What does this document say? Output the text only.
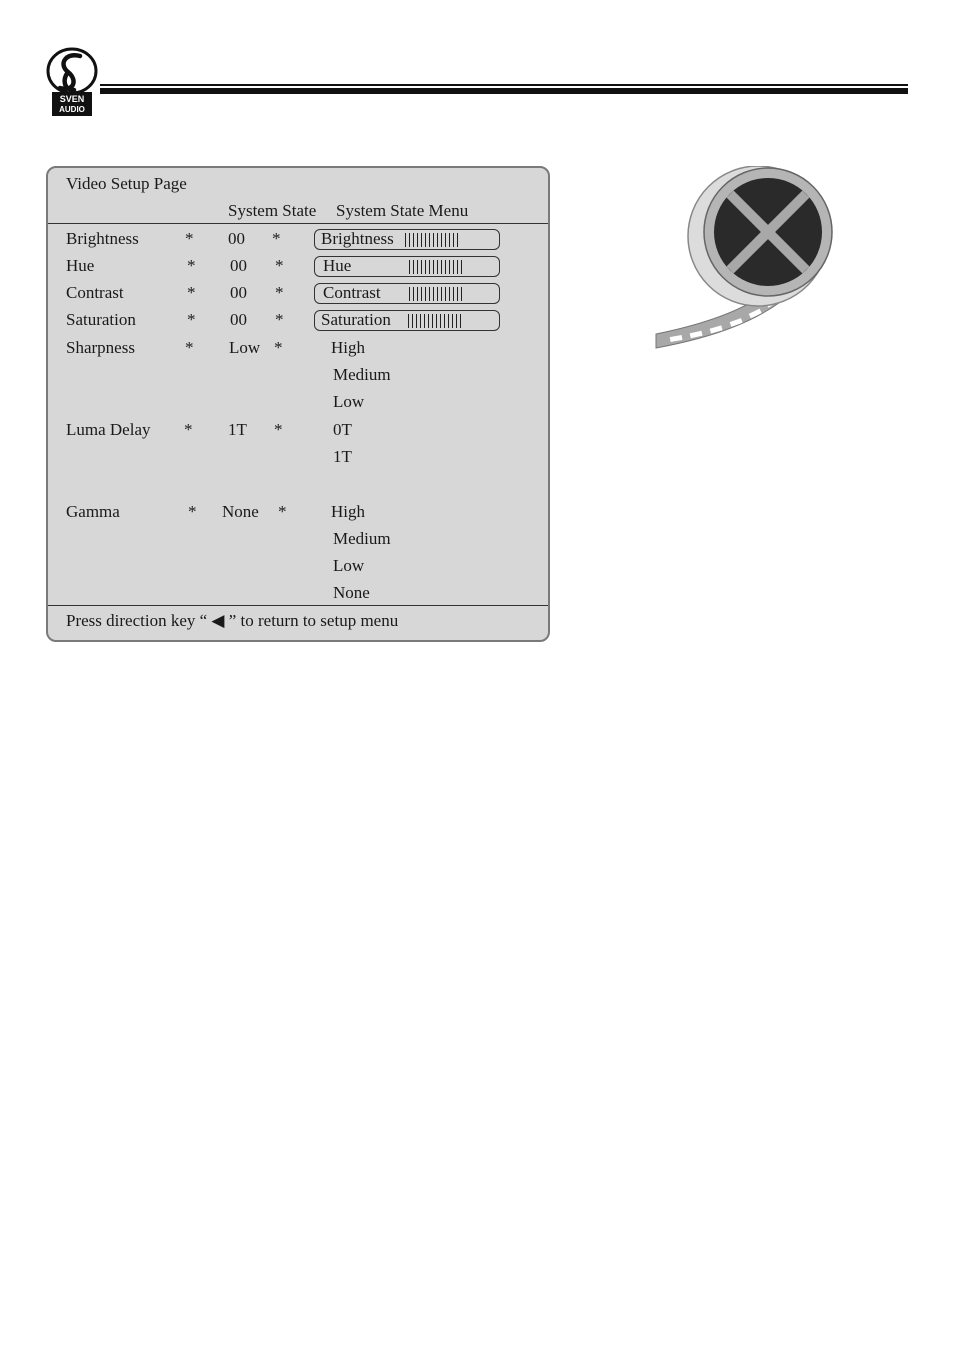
SVEN
AUDIO
Video Setup Page
System State System State Menu
Brightness	* 00 * Brightness
Hue	* 00 * Hue
Contrast	* 00 * Contrast
Saturation	* 00 * Saturation
Sharpness	* Low *	High
Medium
Low
Luma Delay * 1T *	0T
1T
Gamma	* None *	High
Medium
Low
None
Press direction key “ ◀ ” to return to setup menu
